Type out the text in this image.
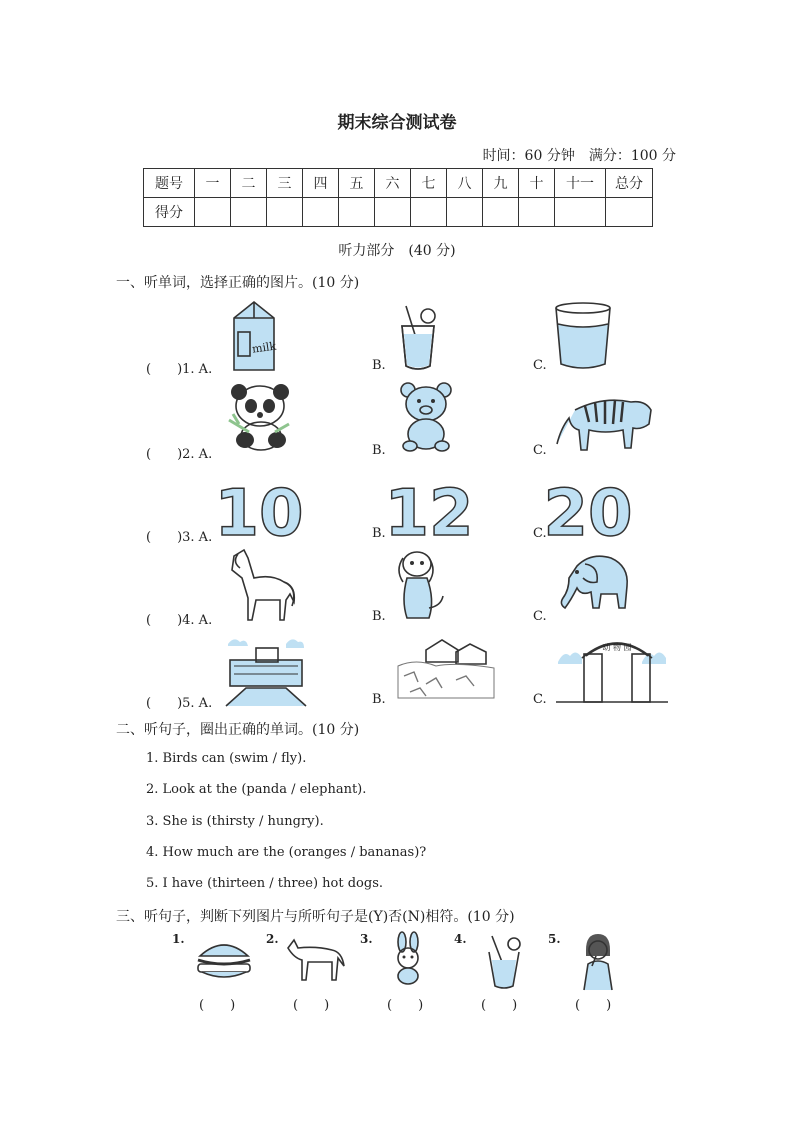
期末综合测试卷
时间：60 分钟　满分：100 分
题号	一	二	三	四	五	六	七	八	九	十	十一	总分
得分												
听力部分　(40 分)
一、听单词，选择正确的图片。(10 分)
(　　)1. A.	B.	C.
milk
(　　)2. A.	B.	C.
(　　)3. A.	B.	C.
10 12 20
(　　)4. A.	B.	C.
(　　)5. A.	B.	C.
动 物 园
二、听句子，圈出正确的单词。(10 分)
1. Birds can (swim / fly).
2. Look at the (panda / elephant).
3. She is (thirsty / hungry).
4. How much are the (oranges / bananas)?
5. I have (thirteen / three) hot dogs.
三、听句子，判断下列图片与所听句子是(Y)否(N)相符。(10 分)
1.
(　　)
2.
(　　)
3.
(　　)
4.
(　　)
5.
(　　)
